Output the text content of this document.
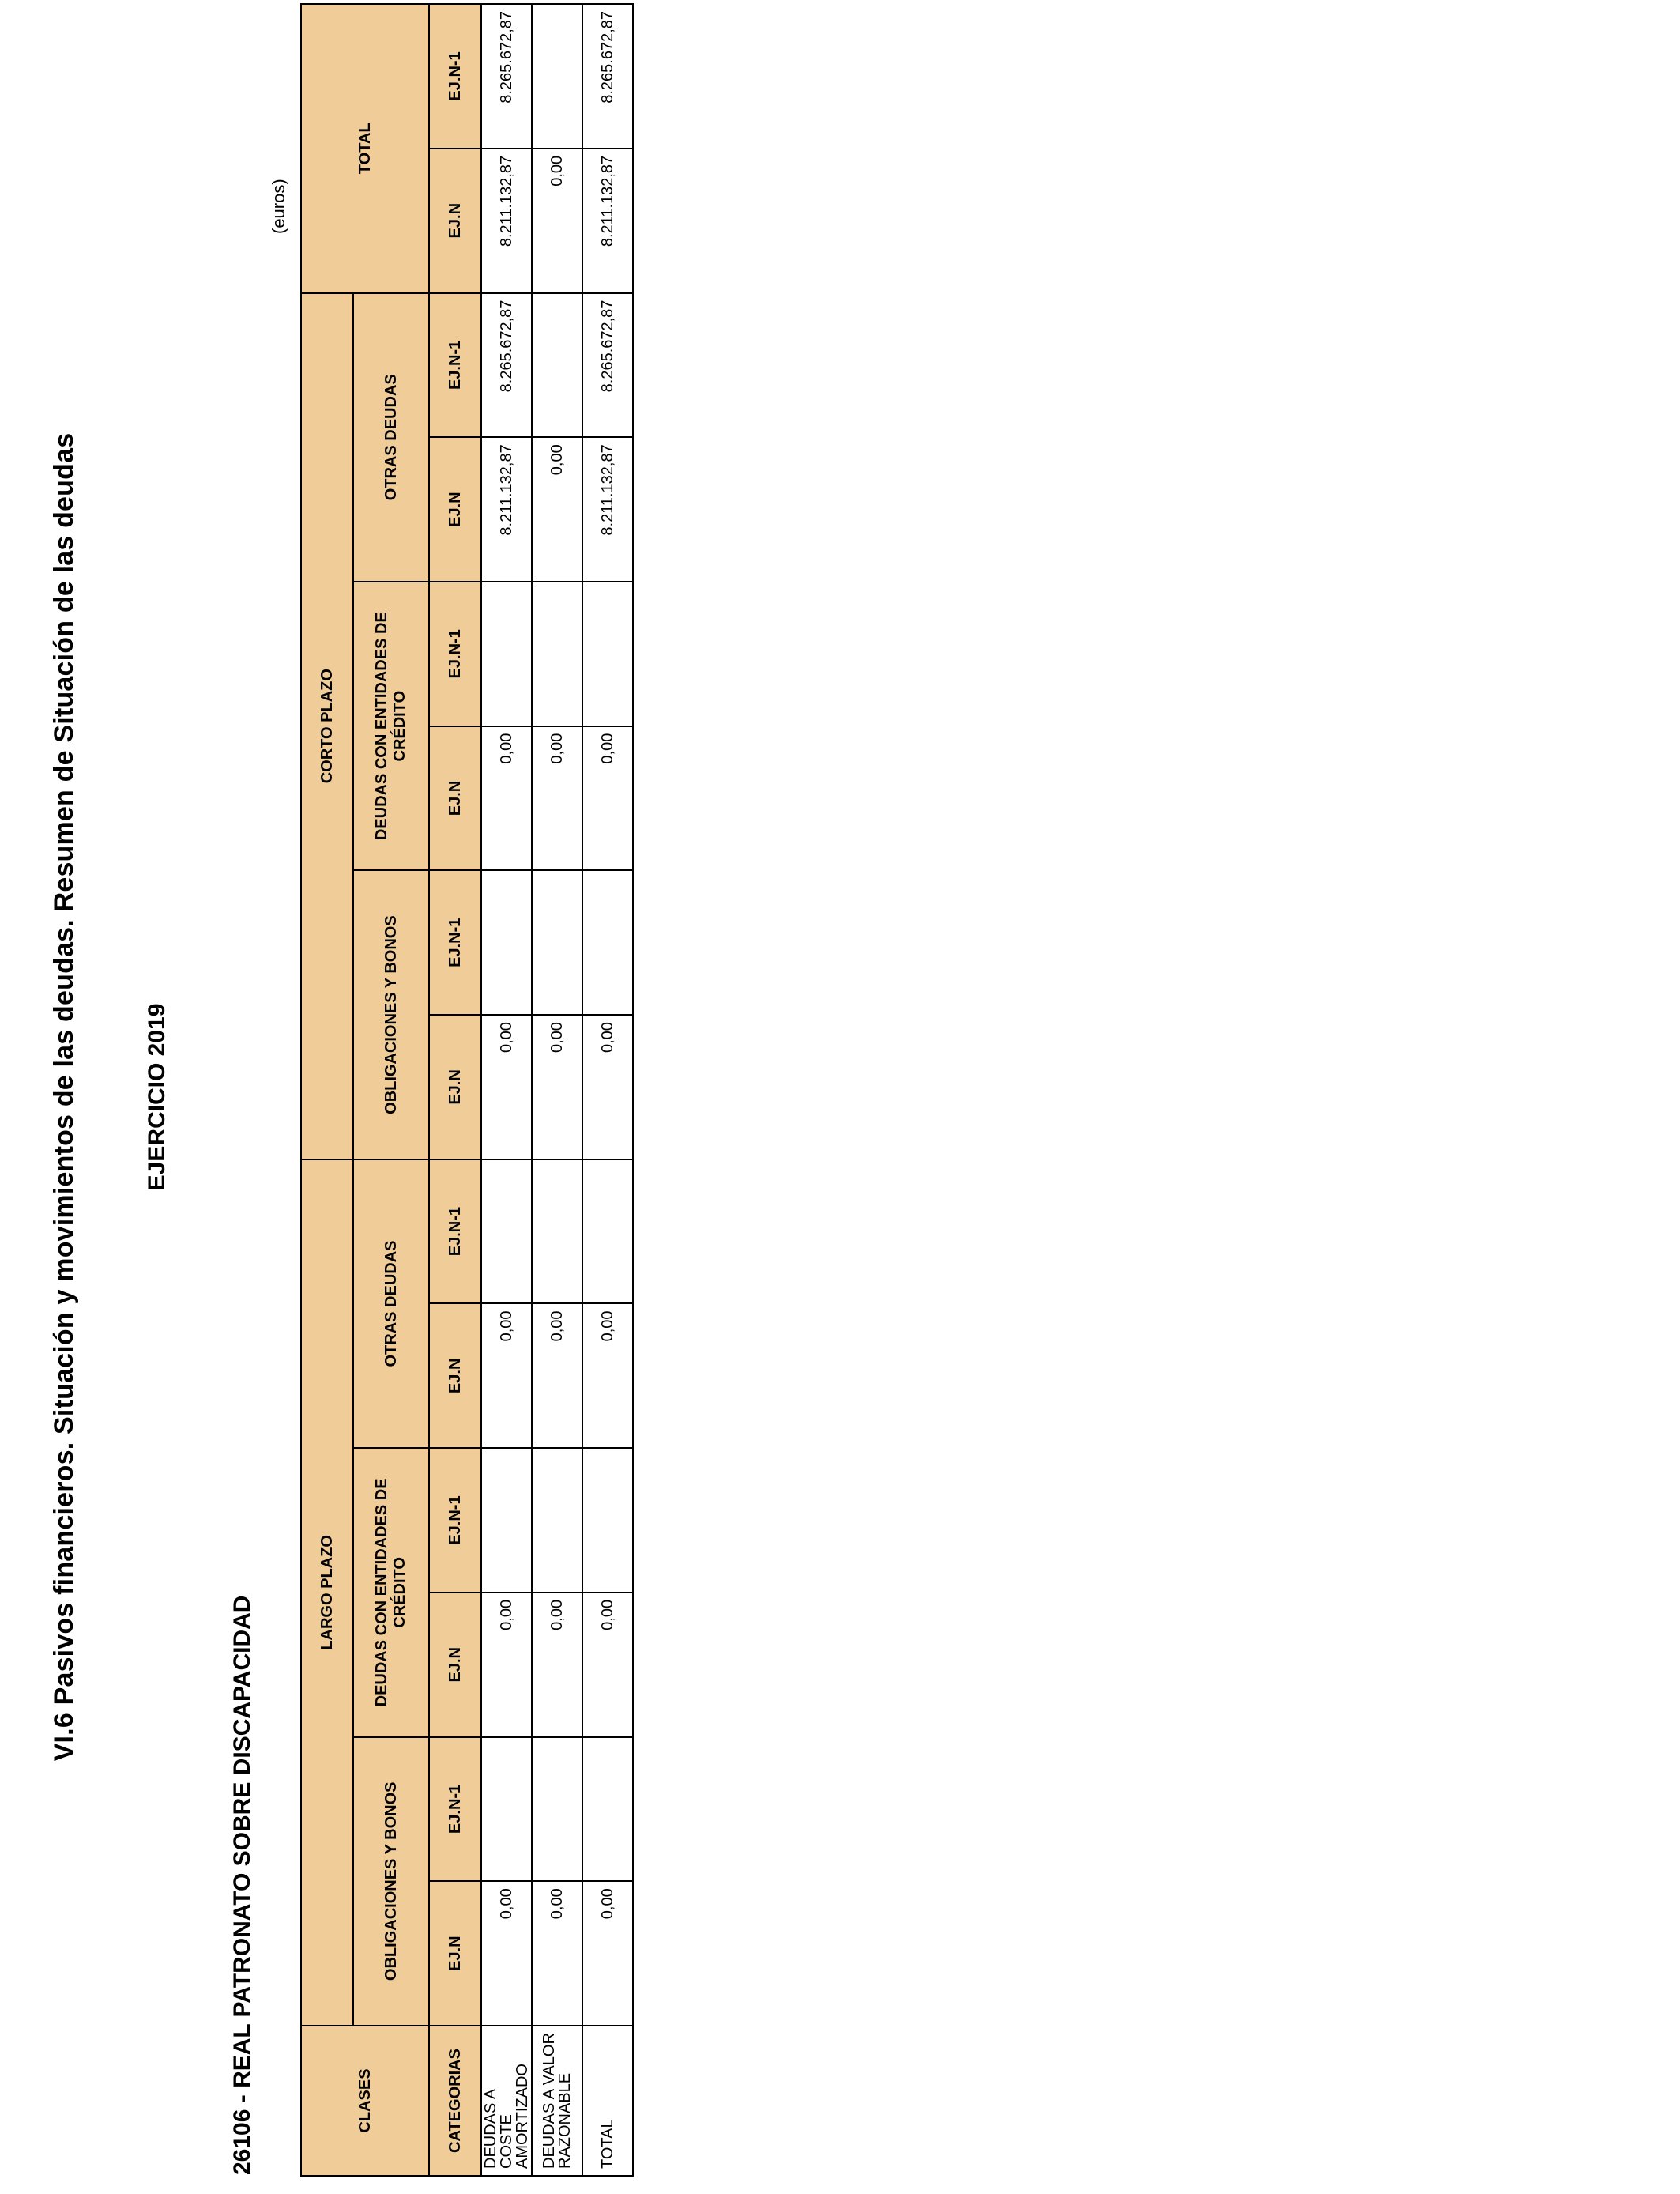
VI.6 Pasivos financieros. Situación y movimientos de las deudas. Resumen de Situación de las deudas	EJERCICIO 2019
26106 - REAL PATRONATO SOBRE DISCAPACIDAD
(euros)
CLASES	LARGO PLAZO						CORTO PLAZO						TOTAL	
	OBLIGACIONES Y BONOS		DEUDAS CON ENTIDADES DE CRÉDITO		OTRAS DEUDAS		OBLIGACIONES Y BONOS		DEUDAS CON ENTIDADES DE CRÉDITO		OTRAS DEUDAS			
CATEGORIAS	EJ.N	EJ.N-1	EJ.N	EJ.N-1	EJ.N	EJ.N-1	EJ.N	EJ.N-1	EJ.N	EJ.N-1	EJ.N	EJ.N-1	EJ.N	EJ.N-1
DEUDAS A COSTE AMORTIZADO	0,00		0,00		0,00		0,00		0,00		8.211.132,87	8.265.672,87	8.211.132,87	8.265.672,87
DEUDAS A VALOR RAZONABLE	0,00		0,00		0,00		0,00		0,00		0,00		0,00	
TOTAL	0,00		0,00		0,00		0,00		0,00		8.211.132,87	8.265.672,87	8.211.132,87	8.265.672,87
